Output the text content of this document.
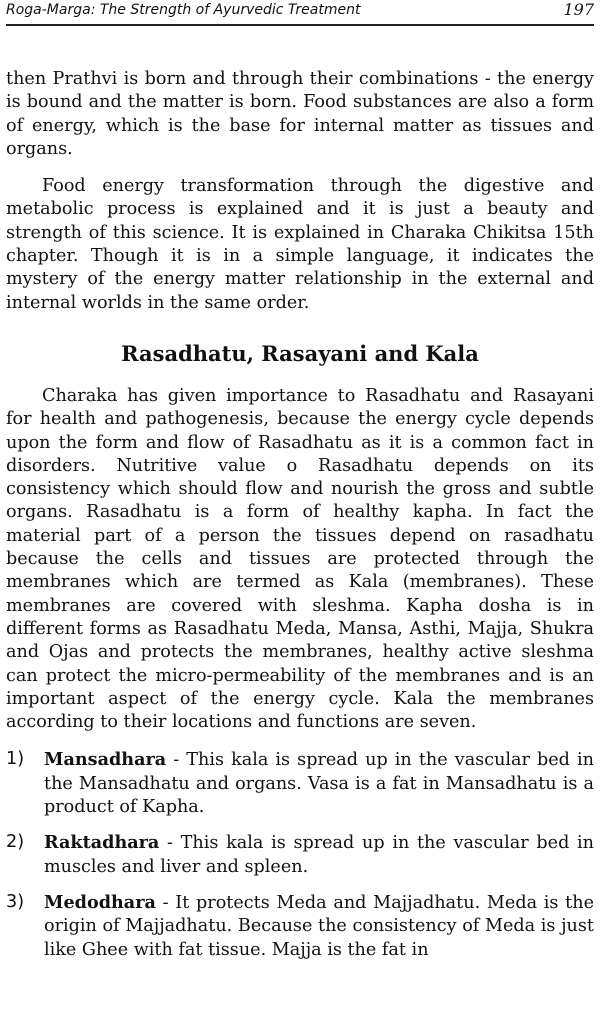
Roga-Marga: The Strength of Ayurvedic Treatment	197

then Prathvi is born and through their combinations - the energy is bound and the matter is born. Food substances are also a form of energy, which is the base for internal matter as tissues and organs.

Food energy transformation through the digestive and metabolic process is explained and it is just a beauty and strength of this science. It is explained in Charaka Chikitsa 15th chapter. Though it is in a simple language, it indicates the mystery of the energy matter relationship in the external and internal worlds in the same order.

Rasadhatu, Rasayani and Kala

Charaka has given importance to Rasadhatu and Rasayani for health and pathogenesis, because the energy cycle depends upon the form and flow of Rasadhatu as it is a common fact in disorders. Nutritive value o Rasadhatu depends on its consistency which should flow and nourish the gross and subtle organs. Rasadhatu is a form of healthy kapha. In fact the material part of a person the tissues depend on rasadhatu because the cells and tissues are protected through the membranes which are termed as Kala (membranes). These membranes are covered with sleshma. Kapha dosha is in different forms as Rasadhatu Meda, Mansa, Asthi, Majja, Shukra and Ojas and protects the membranes, healthy active sleshma can protect the micro-permeability of the membranes and is an important aspect of the energy cycle. Kala the membranes according to their locations and functions are seven.

1) Mansadhara - This kala is spread up in the vascular bed in the Mansadhatu and organs. Vasa is a fat in Mansadhatu is a product of Kapha.
2) Raktadhara - This kala is spread up in the vascular bed in muscles and liver and spleen.
3) Medodhara - It protects Meda and Majjadhatu. Meda is the origin of Majjadhatu. Because the consistency of Meda is just like Ghee with fat tissue. Majja is the fat in
